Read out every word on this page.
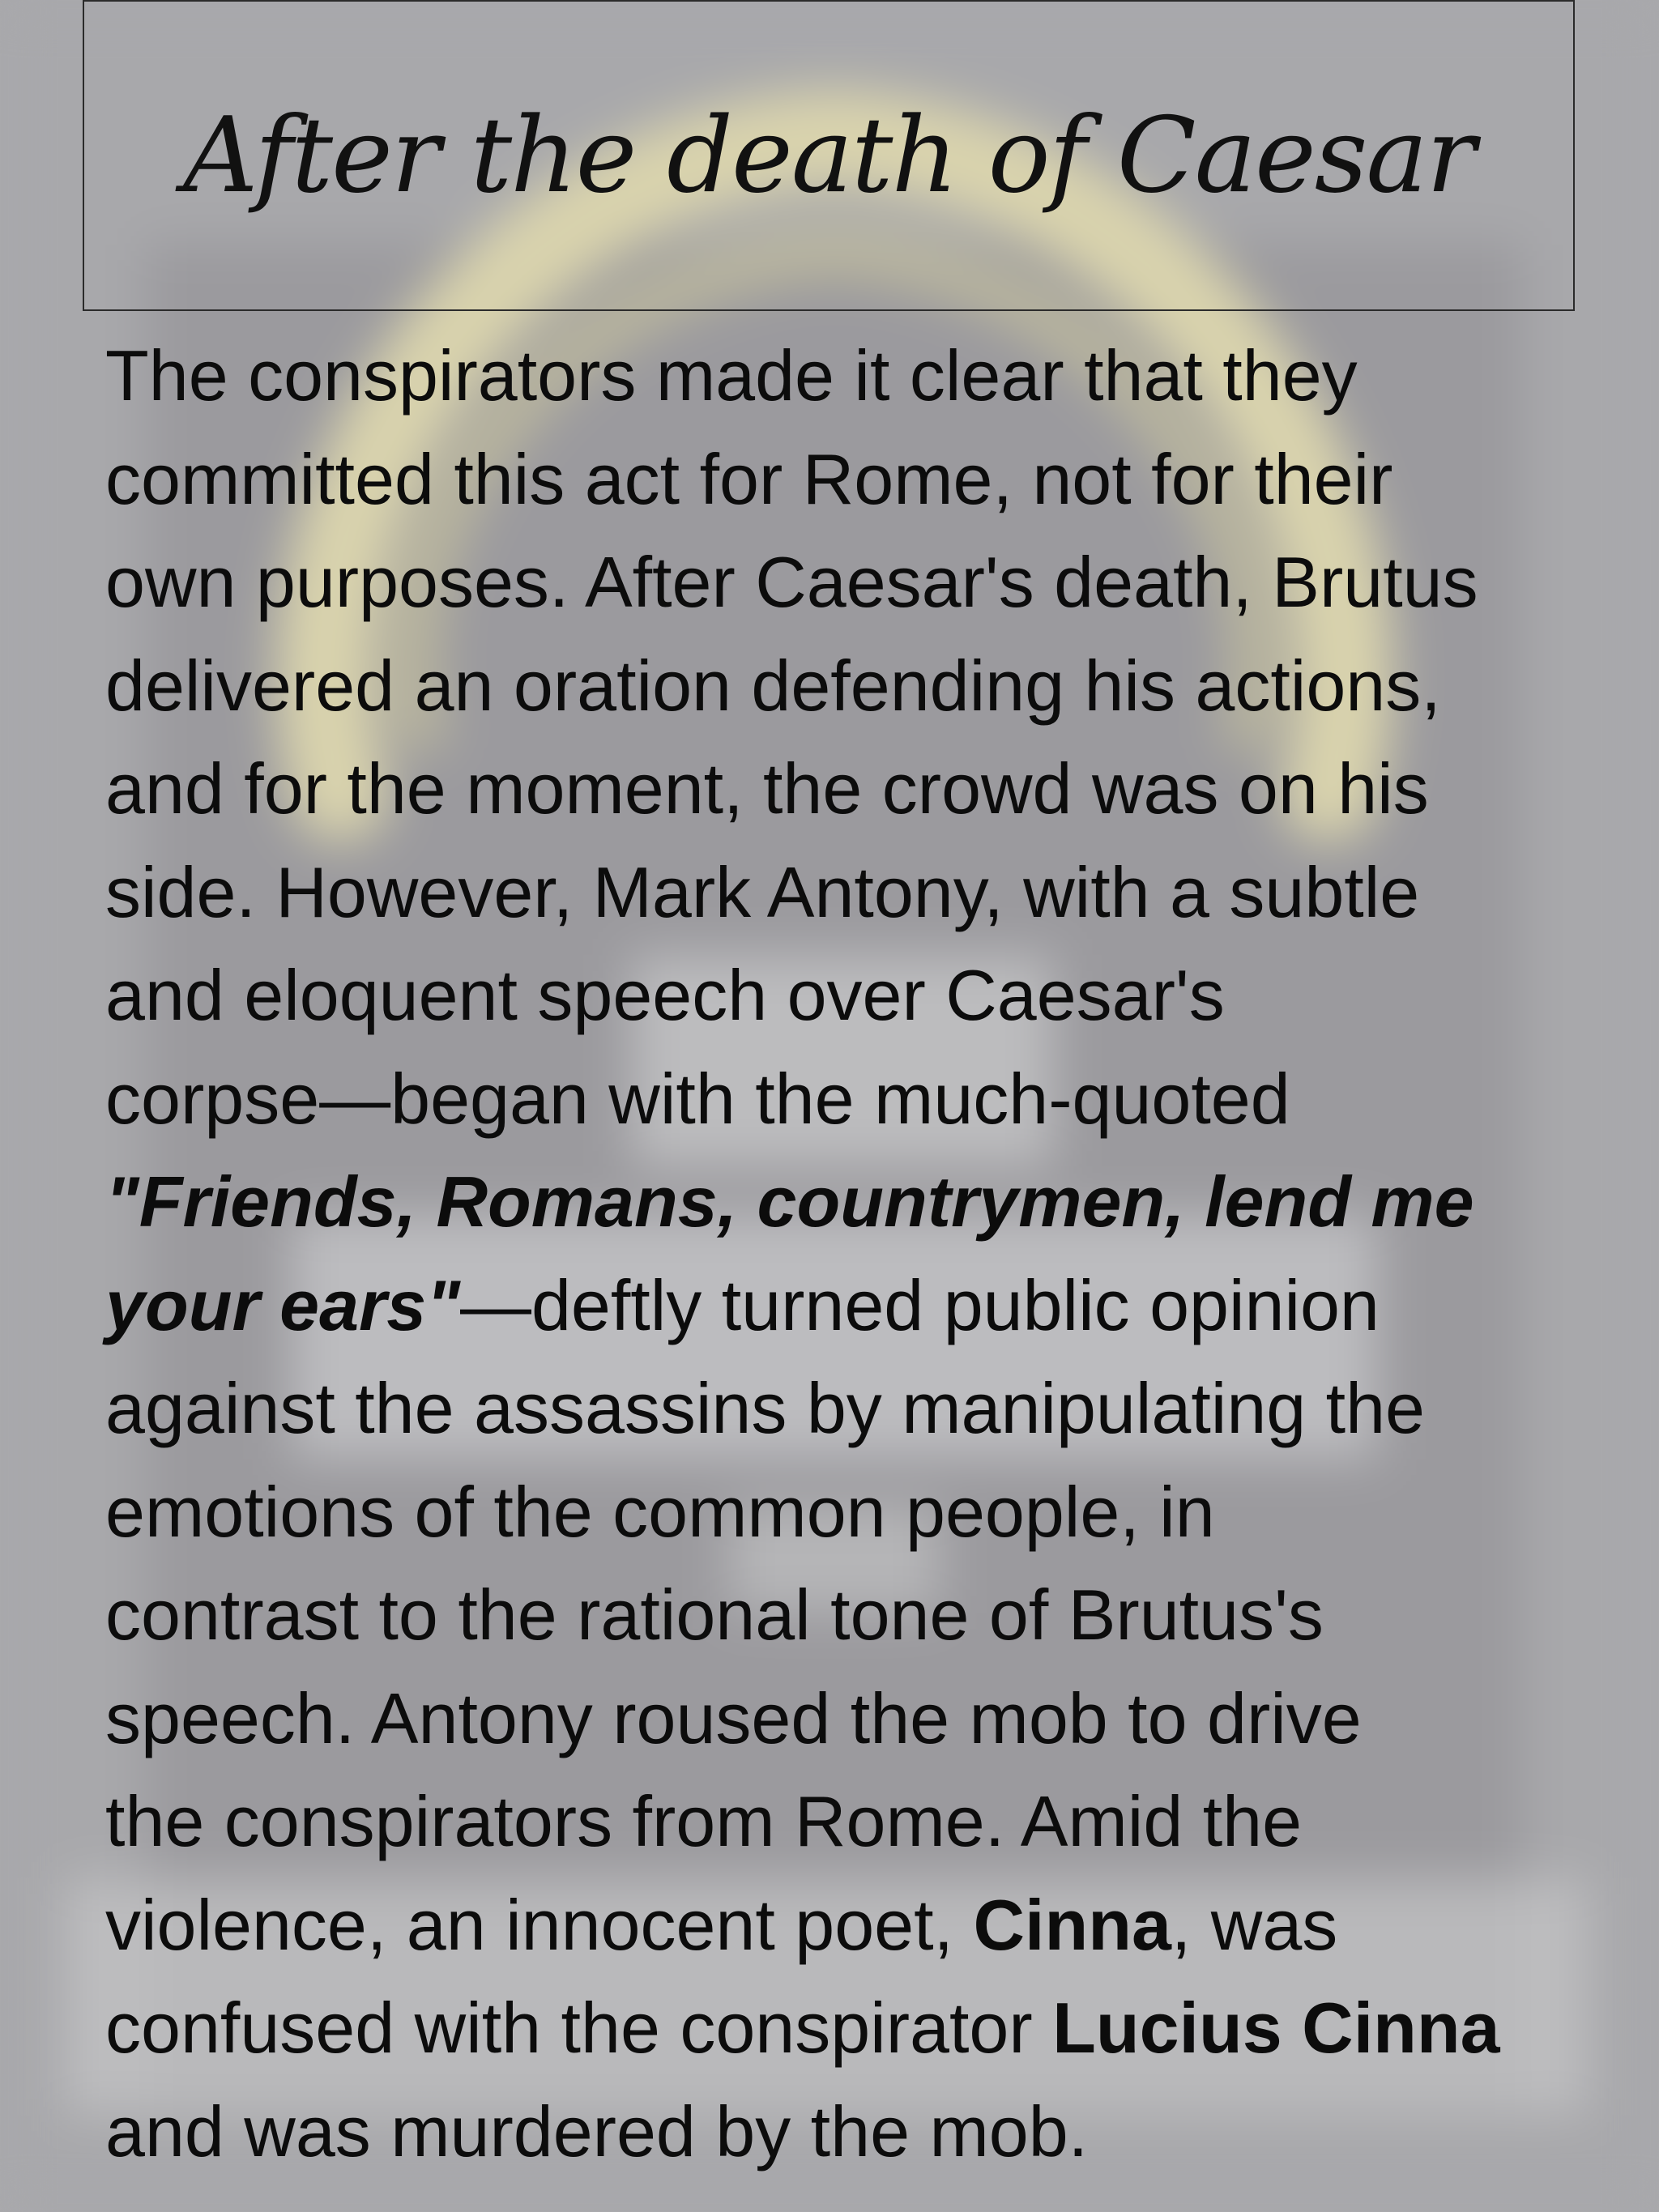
After the death of Caesar
The conspirators made it clear that they
committed this act for Rome, not for their
own purposes. After Caesar's death, Brutus
delivered an oration defending his actions,
and for the moment, the crowd was on his
side. However, Mark Antony, with a subtle
and eloquent speech over Caesar's
corpse—began with the much-quoted
"Friends, Romans, countrymen, lend me
your ears"—deftly turned public opinion
against the assassins by manipulating the
emotions of the common people, in
contrast to the rational tone of Brutus's
speech. Antony roused the mob to drive
the conspirators from Rome. Amid the
violence, an innocent poet, Cinna, was
confused with the conspirator Lucius Cinna
and was murdered by the mob.
